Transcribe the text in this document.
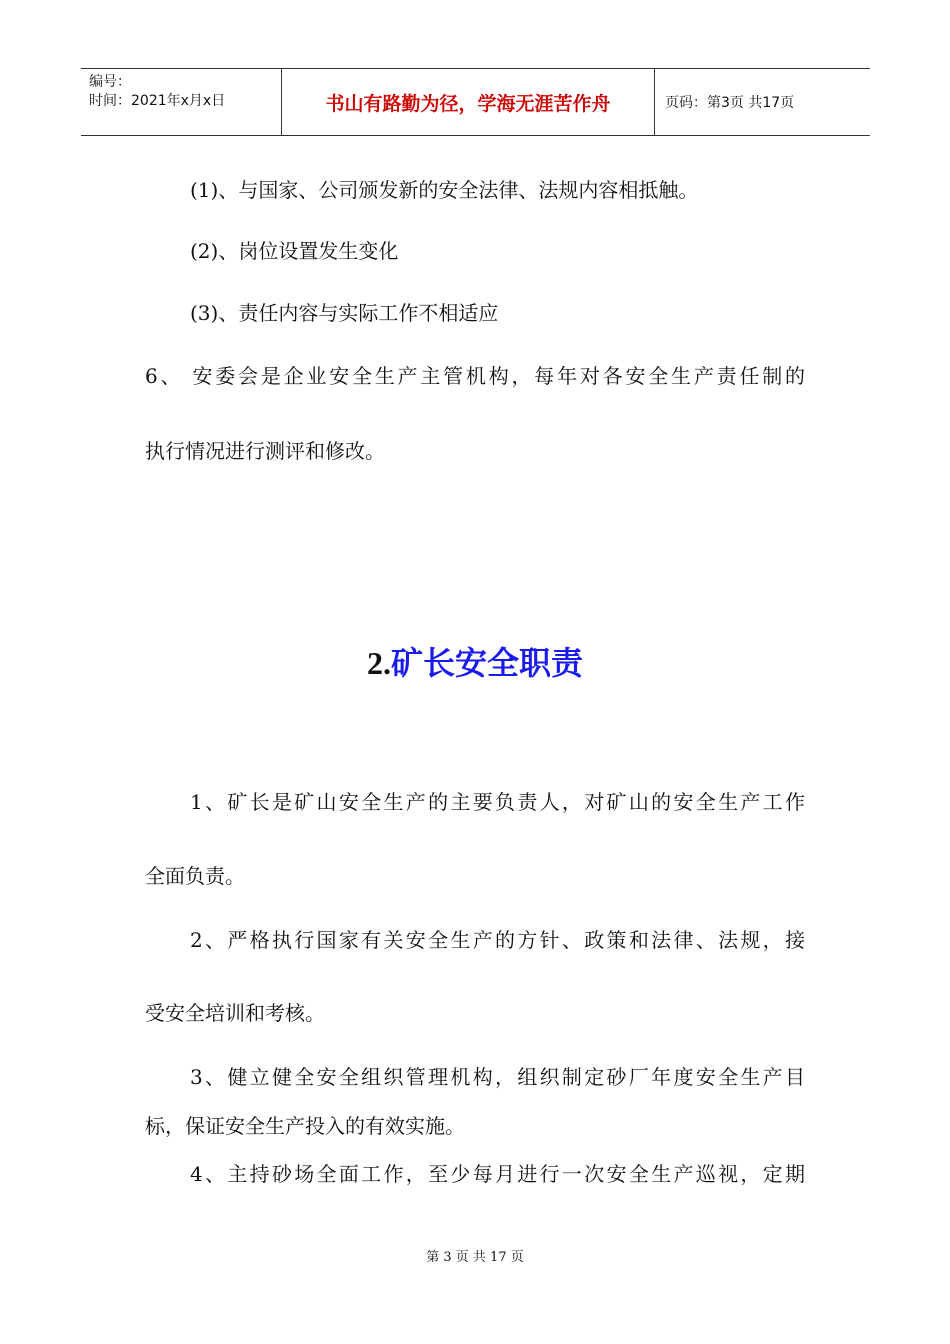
编号：
时间：2021年x月x日	书山有路勤为径，学海无涯苦作舟	页码：第3页 共17页

(1)、与国家、公司颁发新的安全法律、法规内容相抵触。

(2)、岗位设置发生变化

(3)、责任内容与实际工作不相适应

6、 安委会是企业安全生产主管机构，每年对各安全生产责任制的

执行情况进行测评和修改。

2.矿长安全职责

1、矿长是矿山安全生产的主要负责人，对矿山的安全生产工作

全面负责。

2、严格执行国家有关安全生产的方针、政策和法律、法规，接

受安全培训和考核。

3、健立健全安全组织管理机构，组织制定砂厂年度安全生产目

标，保证安全生产投入的有效实施。

4、主持砂场全面工作，至少每月进行一次安全生产巡视，定期

第 3 页 共 17 页
